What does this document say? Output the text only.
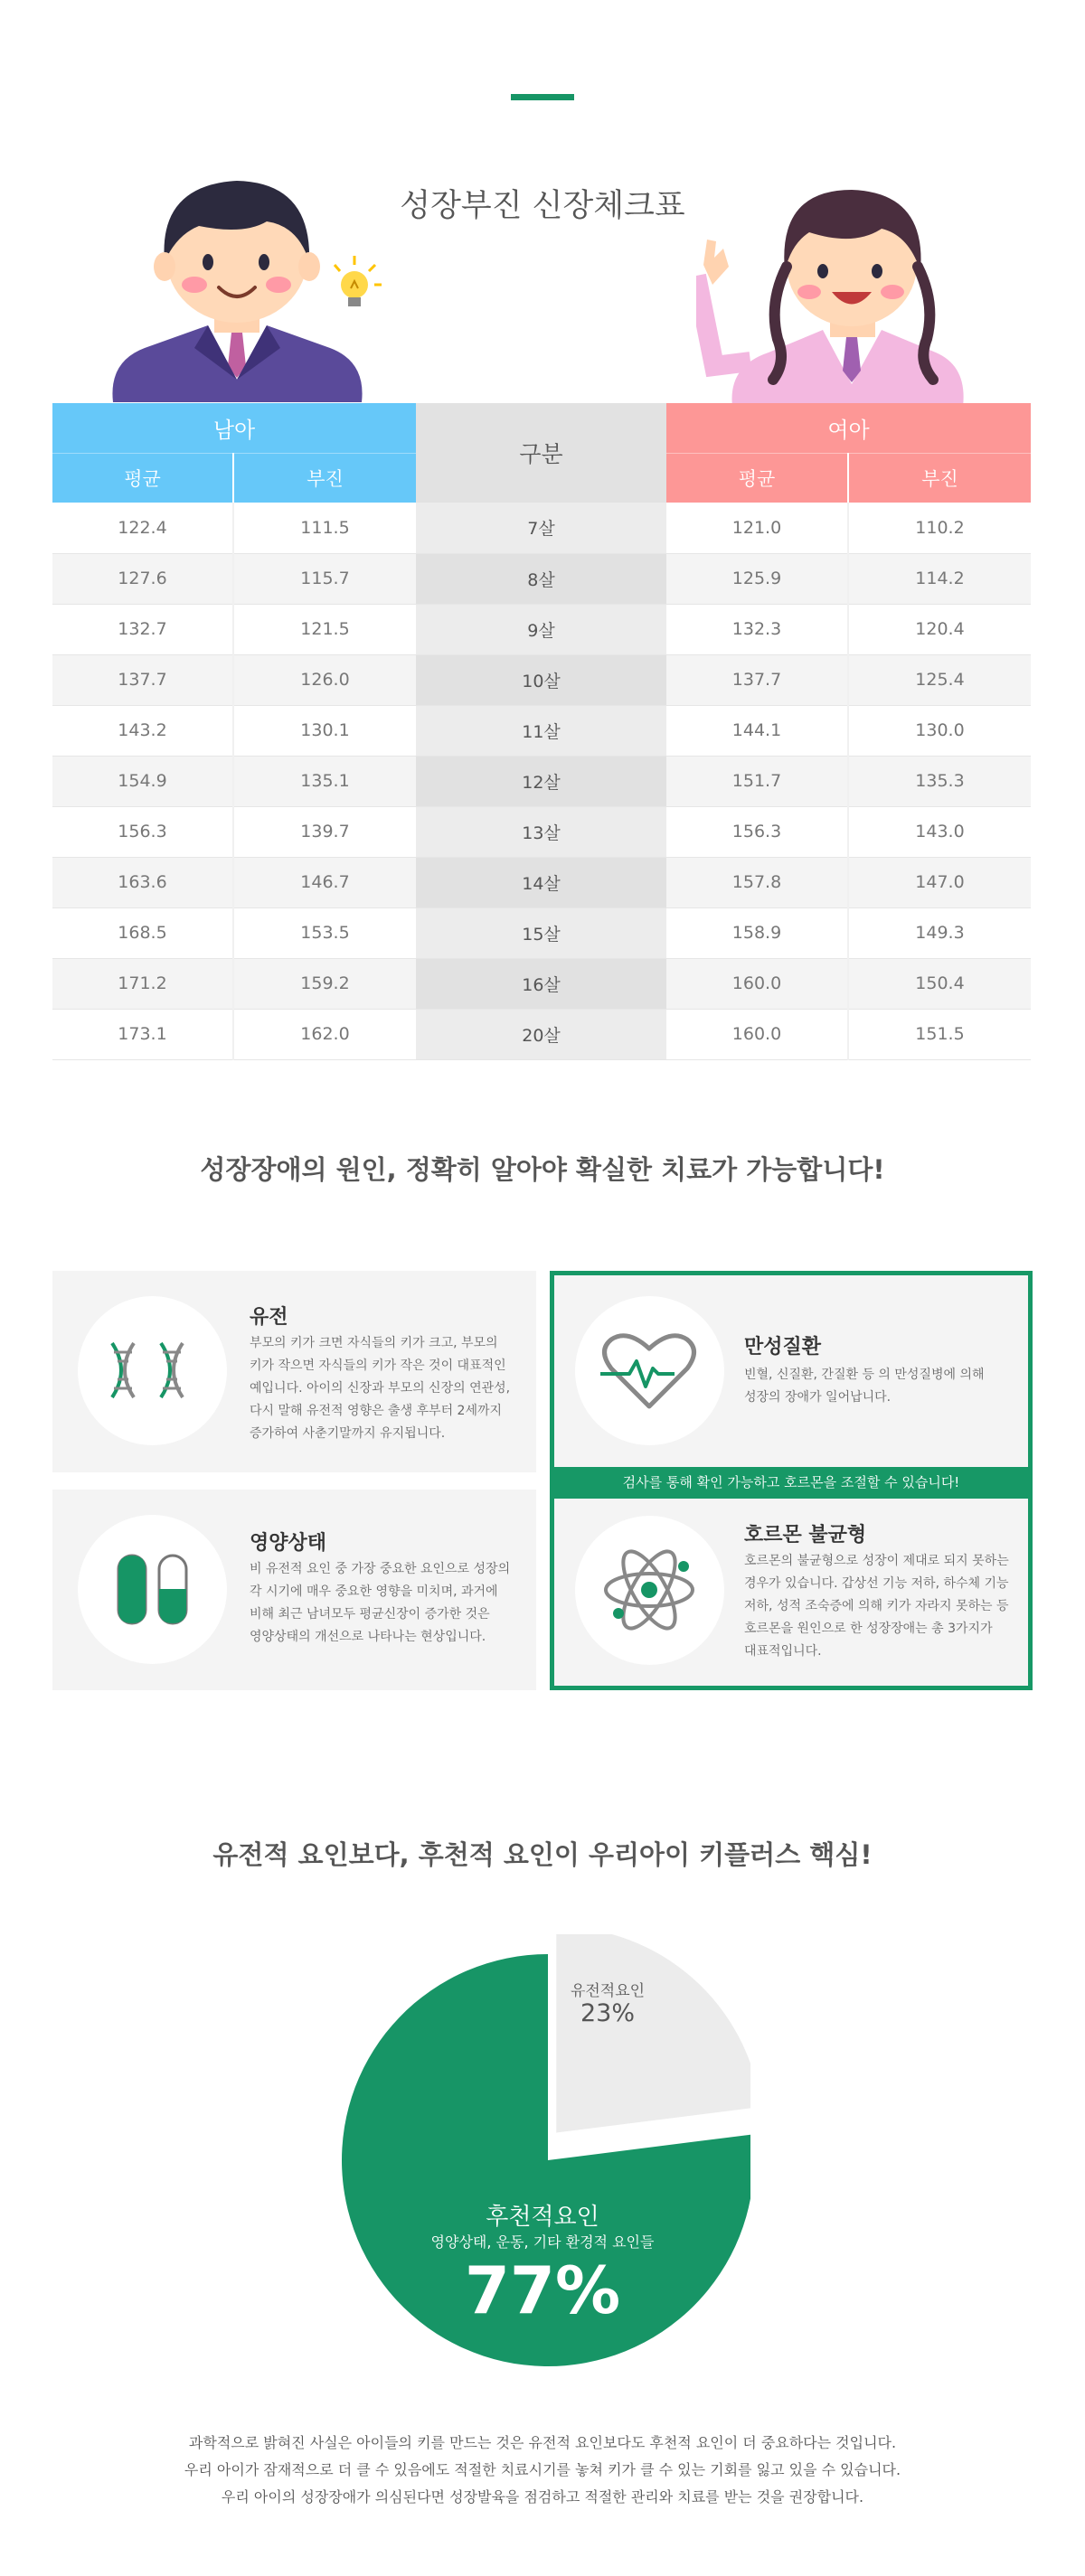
성장부진 신장체크표
남아		구분	여아	
평균	부진		평균	부진
122.4	111.5	7살	121.0	110.2
127.6	115.7	8살	125.9	114.2
132.7	121.5	9살	132.3	120.4
137.7	126.0	10살	137.7	125.4
143.2	130.1	11살	144.1	130.0
154.9	135.1	12살	151.7	135.3
156.3	139.7	13살	156.3	143.0
163.6	146.7	14살	157.8	147.0
168.5	153.5	15살	158.9	149.3
171.2	159.2	16살	160.0	150.4
173.1	162.0	20살	160.0	151.5
성장장애의 원인, 정확히 알아야 확실한 치료가 가능합니다!
유전
부모의 키가 크면 자식들의 키가 크고, 부모의
키가 작으면 자식들의 키가 작은 것이 대표적인
예입니다. 아이의 신장과 부모의 신장의 연관성,
다시 말해 유전적 영향은 출생 후부터 2세까지
증가하여 사춘기말까지 유지됩니다.
영양상태
비 유전적 요인 중 가장 중요한 요인으로 성장의
각 시기에 매우 중요한 영향을 미치며, 과거에
비해 최근 남녀모두 평균신장이 증가한 것은
영양상태의 개선으로 나타나는 현상입니다.
만성질환
빈혈, 신질환, 간질환 등 의 만성질병에 의해
성장의 장애가 일어납니다.
검사를 통해 확인 가능하고 호르몬을 조절할 수 있습니다!
호르몬 불균형
호르몬의 불균형으로 성장이 제대로 되지 못하는
경우가 있습니다. 갑상선 기능 저하, 하수체 기능
저하, 성적 조숙증에 의해 키가 자라지 못하는 등
호르몬을 원인으로 한 성장장애는 총 3가지가
대표적입니다.
유전적 요인보다, 후천적 요인이 우리아이 키플러스 핵심!
유전적요인
23%
후천적요인
영양상태, 운동, 기타 환경적 요인들
77%
과학적으로 밝혀진 사실은 아이들의 키를 만드는 것은 유전적 요인보다도 후천적 요인이 더 중요하다는 것입니다.
우리 아이가 잠재적으로 더 클 수 있음에도 적절한 치료시기를 놓쳐 키가 클 수 있는 기회를 잃고 있을 수 있습니다.
우리 아이의 성장장애가 의심된다면 성장발육을 점검하고 적절한 관리와 치료를 받는 것을 권장합니다.
